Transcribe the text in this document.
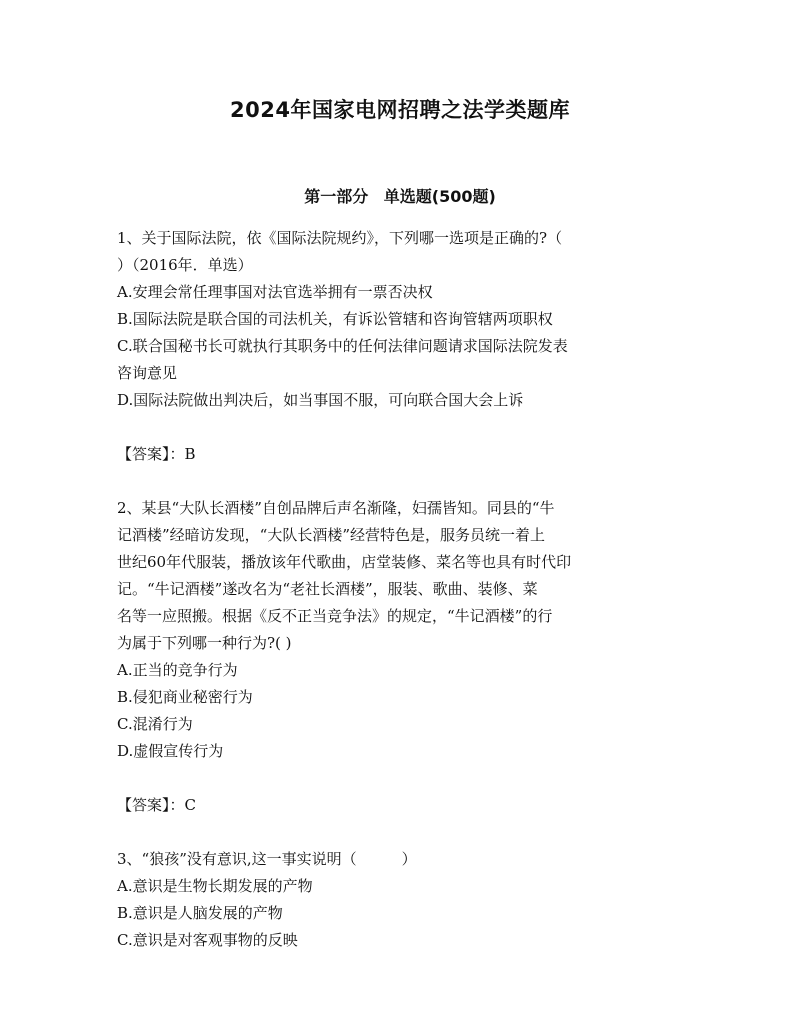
2024年国家电网招聘之法学类题库
第一部分 单选题(500题)
1、关于国际法院，依《国际法院规约》，下列哪一选项是正确的?（
）（2016年．单选）
A.安理会常任理事国对法官选举拥有一票否决权
B.国际法院是联合国的司法机关，有诉讼管辖和咨询管辖两项职权
C.联合国秘书长可就执行其职务中的任何法律问题请求国际法院发表
咨询意见
D.国际法院做出判决后，如当事国不服，可向联合国大会上诉
【答案】：B
2、某县“大队长酒楼”自创品牌后声名渐隆，妇孺皆知。同县的“牛
记酒楼”经暗访发现，“大队长酒楼”经营特色是，服务员统一着上
世纪60年代服装，播放该年代歌曲，店堂装修、菜名等也具有时代印
记。“牛记酒楼”遂改名为“老社长酒楼”，服装、歌曲、装修、菜
名等一应照搬。根据《反不正当竞争法》的规定，“牛记酒楼”的行
为属于下列哪一种行为?( )
A.正当的竞争行为
B.侵犯商业秘密行为
C.混淆行为
D.虚假宣传行为
【答案】：C
3、“狼孩”没有意识,这一事实说明（　　　）
A.意识是生物长期发展的产物
B.意识是人脑发展的产物
C.意识是对客观事物的反映
